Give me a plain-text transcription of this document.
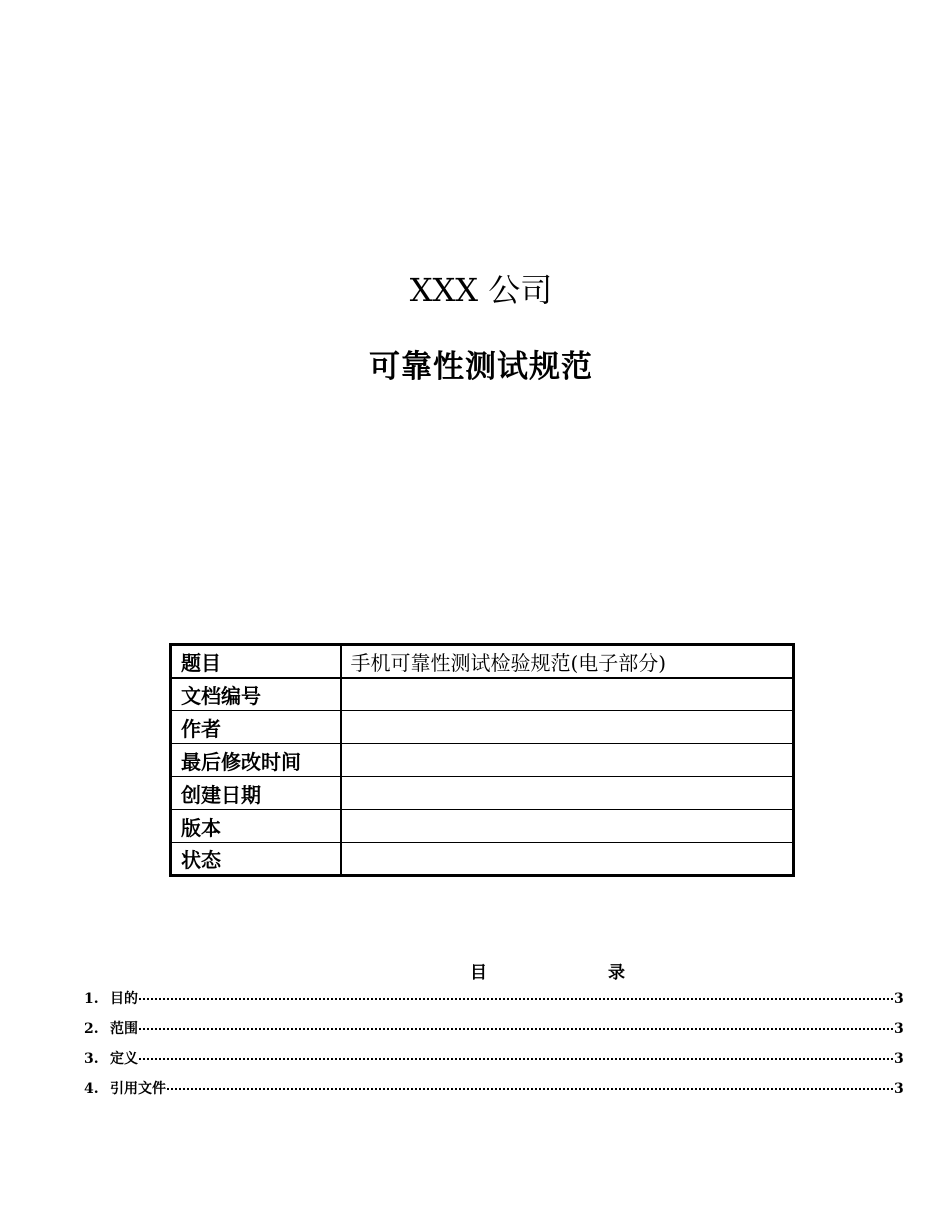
XXX 公司
可靠性测试规范
题目	手机可靠性测试检验规范(电子部分)
文档编号	
作者	
最后修改时间	
创建日期	
版本	
状态	
目	录
1. 目的	3
2. 范围	3
3. 定义	3
4. 引用文件	3
